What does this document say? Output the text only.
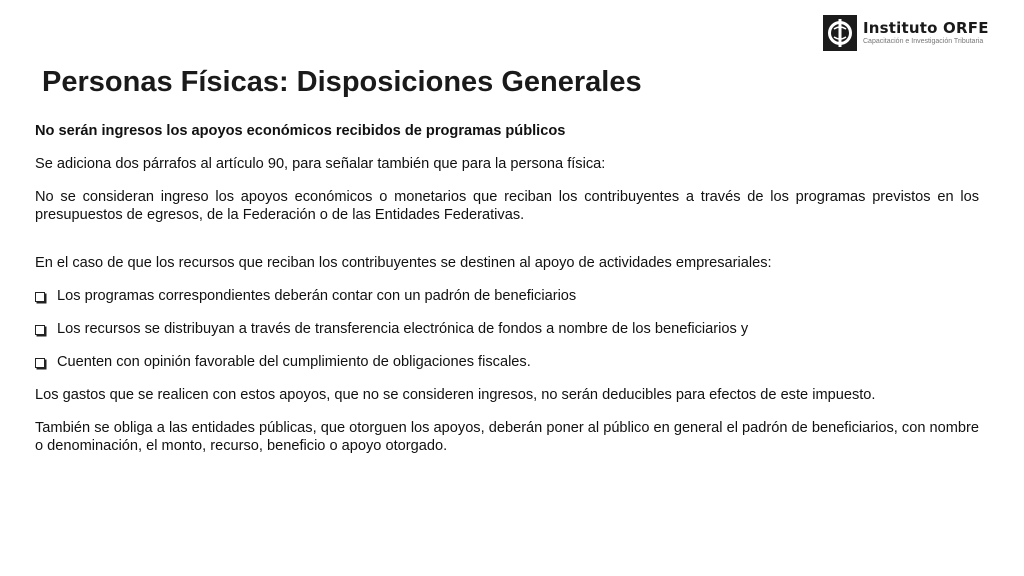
Instituto ORFE
Capacitación e Investigación Tributaria
Personas Físicas: Disposiciones Generales

No serán ingresos los apoyos económicos recibidos de programas públicos

Se adiciona dos párrafos al artículo 90, para señalar también que para la persona física:

No se consideran ingreso los apoyos económicos o monetarios que reciban los contribuyentes a través de los programas previstos en los presupuestos de egresos, de la Federación o de las Entidades Federativas.

En el caso de que los recursos que reciban los contribuyentes se destinen al apoyo de actividades empresariales:

Los programas correspondientes deberán contar con un padrón de beneficiarios
Los recursos se distribuyan a través de transferencia electrónica de fondos a nombre de los beneficiarios y
Cuenten con opinión favorable del cumplimiento de obligaciones fiscales.

Los gastos que se realicen con estos apoyos, que no se consideren ingresos, no serán deducibles para efectos de este impuesto.

También se obliga a las entidades públicas, que otorguen los apoyos, deberán poner al público en general el padrón de beneficiarios, con nombre o denominación, el monto, recurso, beneficio o apoyo otorgado.
